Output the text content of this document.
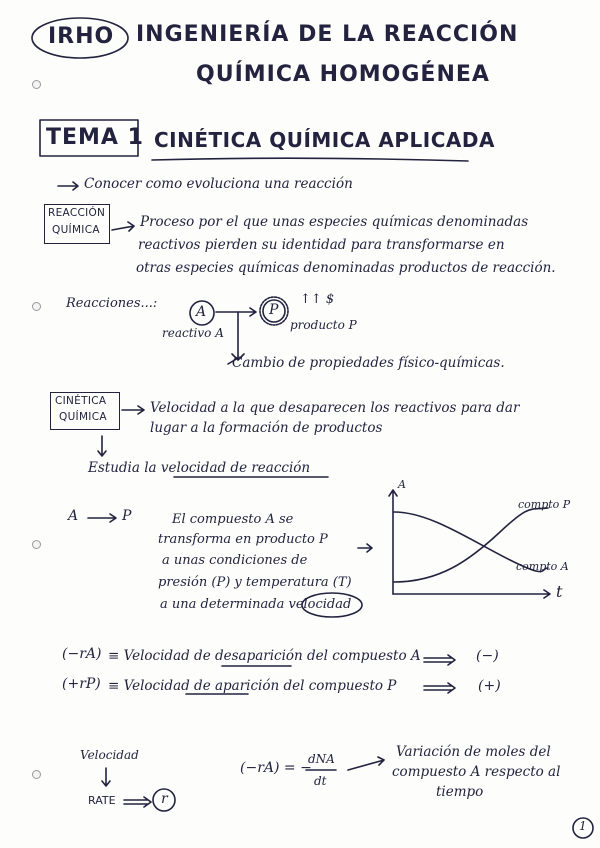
IRHO INGENIERÍA DE LA REACCIÓN
QUÍMICA HOMOGÉNEA
TEMA 1 CINÉTICA QUÍMICA APLICADA
Conocer como evoluciona una reacción
REACCIÓN
QUÍMICA	Proceso por el que unas especies químicas denominadas
reactivos pierden su identidad para transformarse en
otras especies químicas denominadas productos de reacción.
Reacciones...:
A	P
↑↑ $
reactivo A
producto P
Cambio de propiedades físico-químicas.
CINÉTICA
QUÍMICA
Velocidad a la que desaparecen los reactivos para dar
lugar a la formación de productos
Estudia la velocidad de reacción
A	P	El compuesto A se
transforma en producto P
a unas condiciones de
presión (P) y temperatura (T)
a una determinada velocidad
A
t
compto P
compto A
(−rA) ≡ Velocidad de desaparición del compuesto A	(−)
(+rP) ≡ Velocidad de aparición del compuesto P	(+)
Velocidad
RATE	r
(−rA) = −
dNA
dt
Variación de moles del
compuesto A respecto al
tiempo
1
